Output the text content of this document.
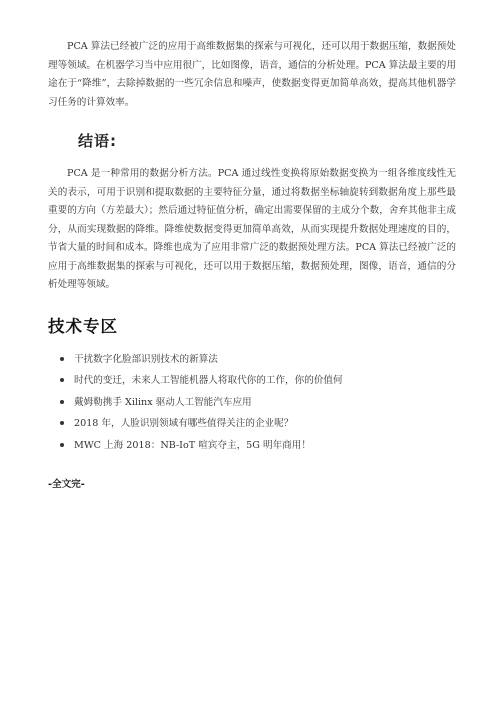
PCA 算法已经被广泛的应用于高维数据集的探索与可视化，还可以用于数据压缩，数据预处理等领域。在机器学习当中应用很广，比如图像，语音，通信的分析处理。PCA 算法最主要的用途在于“降维”，去除掉数据的一些冗余信息和噪声，使数据变得更加简单高效，提高其他机器学习任务的计算效率。

结语:

PCA 是一种常用的数据分析方法。PCA 通过线性变换将原始数据变换为一组各维度线性无关的表示，可用于识别和提取数据的主要特征分量，通过将数据坐标轴旋转到数据角度上那些最重要的方向（方差最大）；然后通过特征值分析，确定出需要保留的主成分个数，舍弃其他非主成分，从而实现数据的降维。降维使数据变得更加简单高效，从而实现提升数据处理速度的目的，节省大量的时间和成本。降维也成为了应用非常广泛的数据预处理方法。PCA 算法已经被广泛的应用于高维数据集的探索与可视化，还可以用于数据压缩，数据预处理，图像，语音，通信的分析处理等领域。

技术专区
干扰数字化脸部识别技术的新算法
时代的变迁，未来人工智能机器人将取代你的工作，你的价值何
戴姆勒携手 Xilinx 驱动人工智能汽车应用
2018 年，人脸识别领域有哪些值得关注的企业呢？
MWC 上海 2018：NB-IoT 喧宾夺主，5G 明年商用！
-全文完-
